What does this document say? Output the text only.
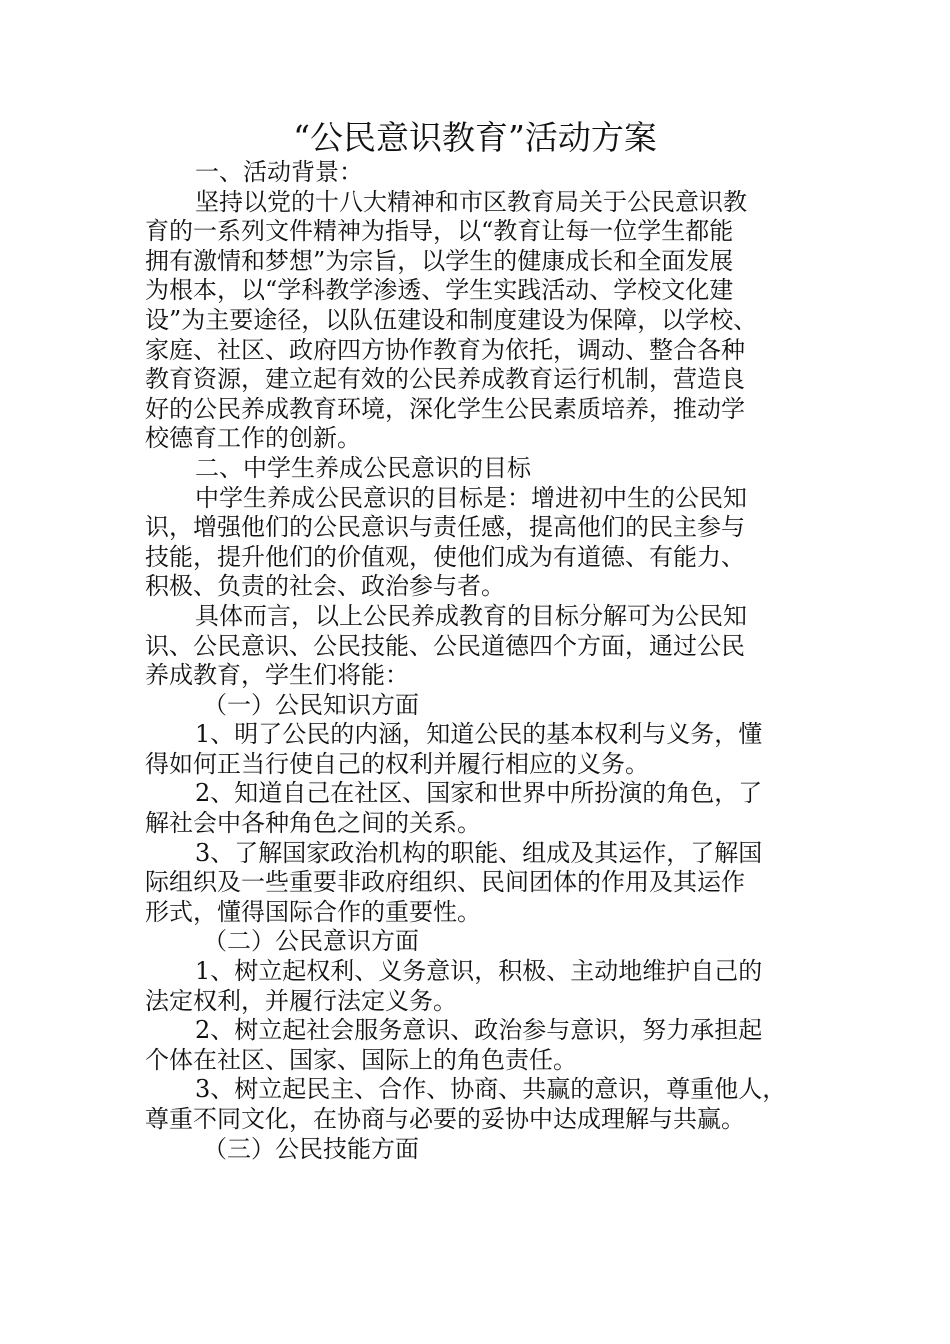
“公民意识教育”活动方案

一、活动背景：

坚持以党的十八大精神和市区教育局关于公民意识教

育的一系列文件精神为指导，以“教育让每一位学生都能

拥有激情和梦想”为宗旨，以学生的健康成长和全面发展

为根本，以“学科教学渗透、学生实践活动、学校文化建

设”为主要途径，以队伍建设和制度建设为保障，以学校、

家庭、社区、政府四方协作教育为依托，调动、整合各种

教育资源，建立起有效的公民养成教育运行机制，营造良

好的公民养成教育环境，深化学生公民素质培养，推动学

校德育工作的创新。

二、中学生养成公民意识的目标

中学生养成公民意识的目标是：增进初中生的公民知

识，增强他们的公民意识与责任感，提高他们的民主参与

技能，提升他们的价值观，使他们成为有道德、有能力、

积极、负责的社会、政治参与者。

具体而言，以上公民养成教育的目标分解可为公民知

识、公民意识、公民技能、公民道德四个方面，通过公民

养成教育，学生们将能：

（一）公民知识方面

1、明了公民的内涵，知道公民的基本权利与义务，懂

得如何正当行使自己的权利并履行相应的义务。

2、知道自己在社区、国家和世界中所扮演的角色，了

解社会中各种角色之间的关系。

3、了解国家政治机构的职能、组成及其运作，了解国

际组织及一些重要非政府组织、民间团体的作用及其运作

形式，懂得国际合作的重要性。

（二）公民意识方面

1、树立起权利、义务意识，积极、主动地维护自己的

法定权利，并履行法定义务。

2、树立起社会服务意识、政治参与意识，努力承担起

个体在社区、国家、国际上的角色责任。

3、树立起民主、合作、协商、共赢的意识，尊重他人，

尊重不同文化，在协商与必要的妥协中达成理解与共赢。

（三）公民技能方面
